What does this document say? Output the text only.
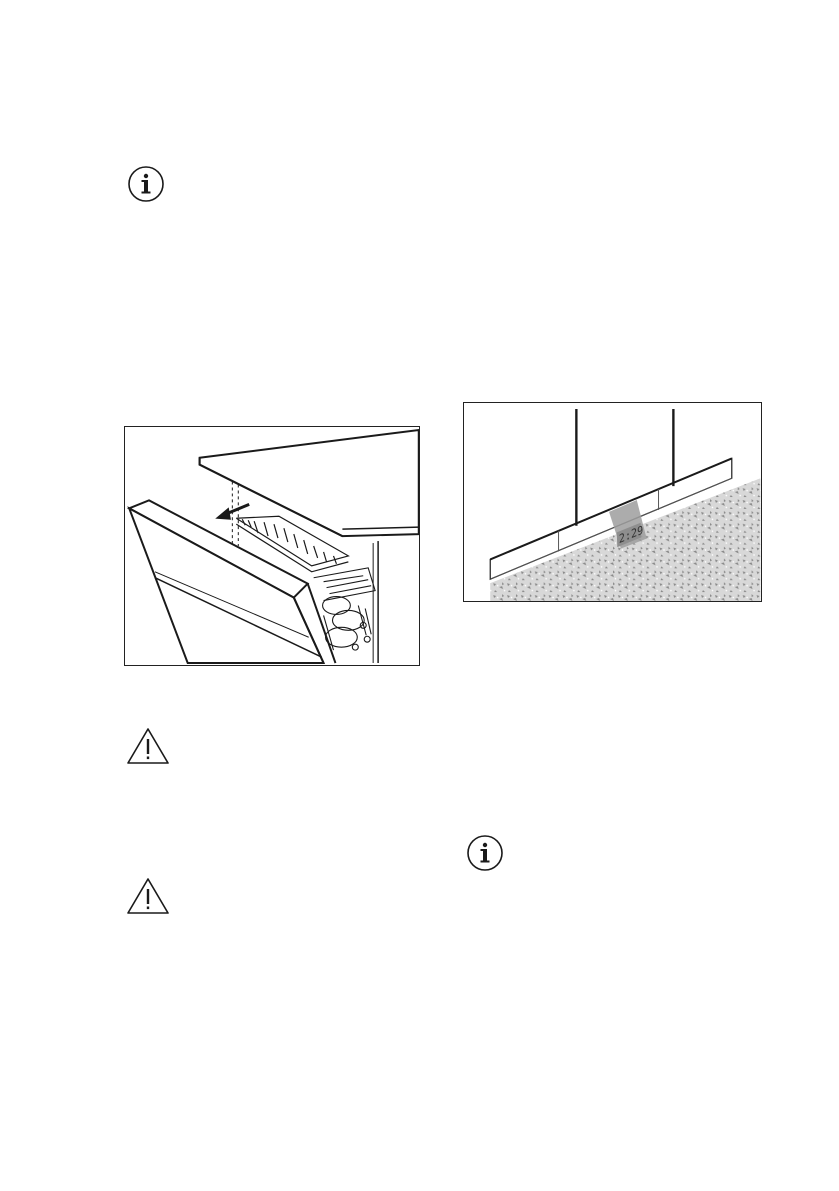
2:29
